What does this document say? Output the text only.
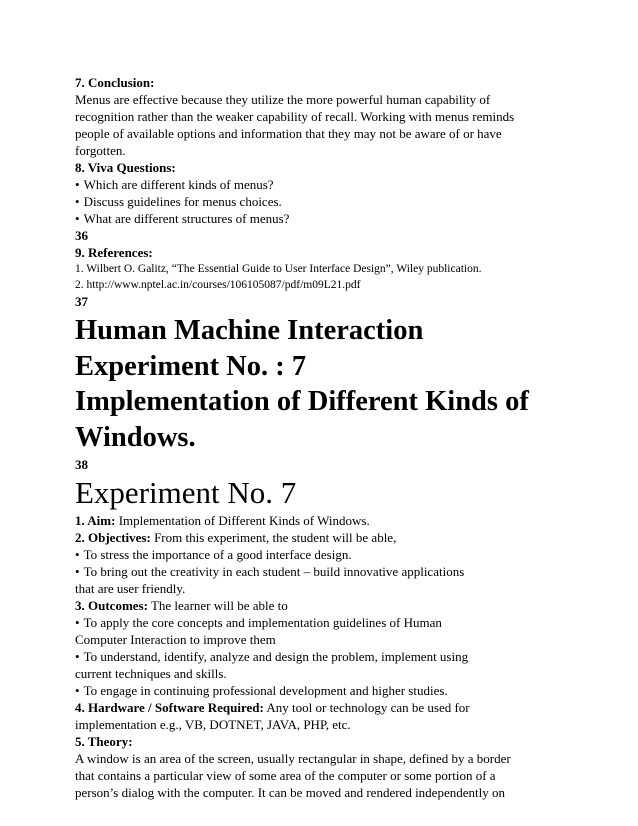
7. Conclusion:
Menus are effective because they utilize the more powerful human capability of
recognition rather than the weaker capability of recall. Working with menus reminds
people of available options and information that they may not be aware of or have
forgotten.
8. Viva Questions:
• Which are different kinds of menus?
• Discuss guidelines for menus choices.
• What are different structures of menus?
36
9. References:
1. Wilbert O. Galitz, “The Essential Guide to User Interface Design”, Wiley publication.
2. http://www.nptel.ac.in/courses/106105087/pdf/m09L21.pdf
37
Human Machine Interaction
Experiment No. : 7
Implementation of Different Kinds of
Windows.
38
Experiment No. 7
1. Aim: Implementation of Different Kinds of Windows.
2. Objectives: From this experiment, the student will be able,
• To stress the importance of a good interface design.
• To bring out the creativity in each student – build innovative applications
that are user friendly.
3. Outcomes: The learner will be able to
• To apply the core concepts and implementation guidelines of Human
Computer Interaction to improve them
• To understand, identify, analyze and design the problem, implement using
current techniques and skills.
• To engage in continuing professional development and higher studies.
4. Hardware / Software Required: Any tool or technology can be used for
implementation e.g., VB, DOTNET, JAVA, PHP, etc.
5. Theory:
A window is an area of the screen, usually rectangular in shape, defined by a border
that contains a particular view of some area of the computer or some portion of a
person’s dialog with the computer. It can be moved and rendered independently on
